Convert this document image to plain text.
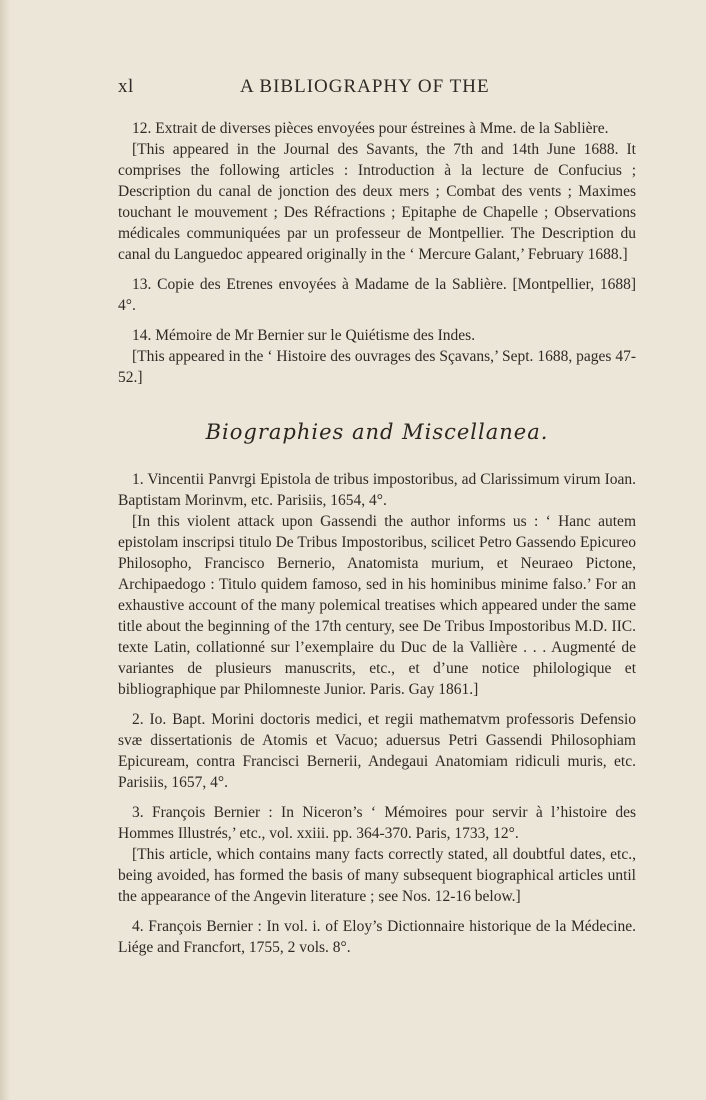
xl	A BIBLIOGRAPHY OF THE

12. Extrait de diverses pièces envoyées pour éstreines à Mme. de la Sablière.

[This appeared in the Journal des Savants, the 7th and 14th June 1688. It comprises the following articles : Introduction à la lecture de Confucius ; Description du canal de jonction des deux mers ; Combat des vents ; Maximes touchant le mouvement ; Des Réfractions ; Epitaphe de Chapelle ; Observations médicales communiquées par un professeur de Montpellier. The Description du canal du Languedoc appeared originally in the ‘ Mercure Galant,’ February 1688.]

13. Copie des Etrenes envoyées à Madame de la Sablière. [Montpellier, 1688] 4°.

14. Mémoire de Mr Bernier sur le Quiétisme des Indes.

[This appeared in the ‘ Histoire des ouvrages des Sçavans,’ Sept. 1688, pages 47-52.]

Biographies and Miscellanea.

1. Vincentii Panvrgi Epistola de tribus impostoribus, ad Clarissimum virum Ioan. Baptistam Morinvm, etc. Parisiis, 1654, 4°.

[In this violent attack upon Gassendi the author informs us : ‘ Hanc autem epistolam inscripsi titulo De Tribus Impostoribus, scilicet Petro Gassendo Epicureo Philosopho, Francisco Bernerio, Anatomista murium, et Neuraeo Pictone, Archipaedogo : Titulo quidem famoso, sed in his hominibus minime falso.’ For an exhaustive account of the many polemical treatises which appeared under the same title about the beginning of the 17th century, see De Tribus Impostoribus M.D. IIC. texte Latin, collationné sur l’exemplaire du Duc de la Vallière . . . Augmenté de variantes de plusieurs manuscrits, etc., et d’une notice philologique et bibliographique par Philomneste Junior. Paris. Gay 1861.]

2. Io. Bapt. Morini doctoris medici, et regii mathematvm professoris Defensio svæ dissertationis de Atomis et Vacuo; aduersus Petri Gassendi Philosophiam Epicuream, contra Francisci Bernerii, Andegaui Anatomiam ridiculi muris, etc. Parisiis, 1657, 4°.

3. François Bernier : In Niceron’s ‘ Mémoires pour servir à l’histoire des Hommes Illustrés,’ etc., vol. xxiii. pp. 364-370. Paris, 1733, 12°.

[This article, which contains many facts correctly stated, all doubtful dates, etc., being avoided, has formed the basis of many subsequent biographical articles until the appearance of the Angevin literature ; see Nos. 12-16 below.]

4. François Bernier : In vol. i. of Eloy’s Dictionnaire historique de la Médecine. Liége and Francfort, 1755, 2 vols. 8°.
